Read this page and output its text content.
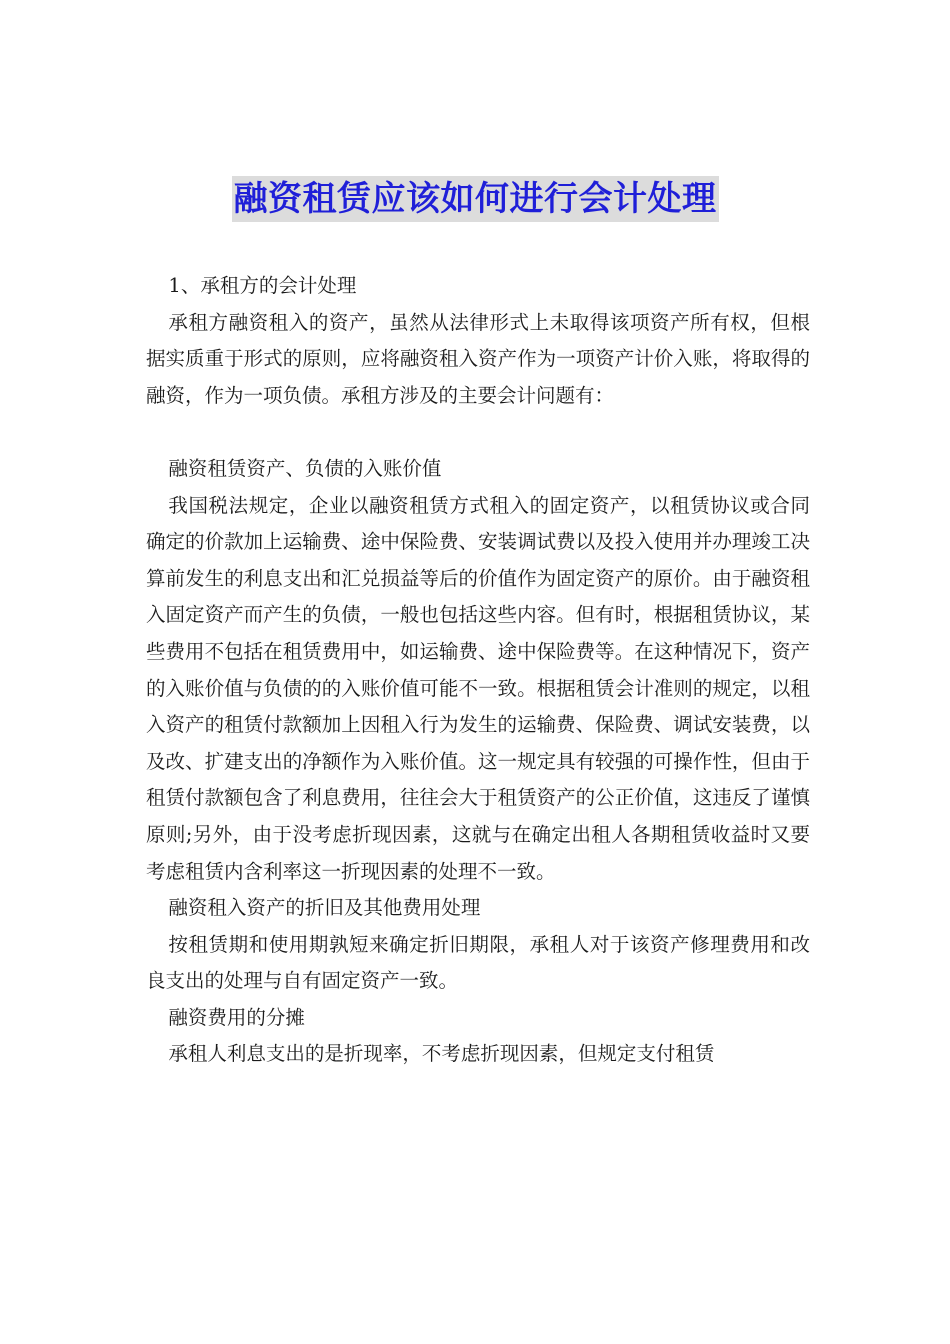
融资租赁应该如何进行会计处理

1、承租方的会计处理

承租方融资租入的资产，虽然从法律形式上未取得该项资产所有权，但根据实质重于形式的原则，应将融资租入资产作为一项资产计价入账，将取得的融资，作为一项负债。承租方涉及的主要会计问题有：

融资租赁资产、负债的入账价值

我国税法规定，企业以融资租赁方式租入的固定资产，以租赁协议或合同确定的价款加上运输费、途中保险费、安装调试费以及投入使用并办理竣工决算前发生的利息支出和汇兑损益等后的价值作为固定资产的原价。由于融资租入固定资产而产生的负债，一般也包括这些内容。但有时，根据租赁协议，某些费用不包括在租赁费用中，如运输费、途中保险费等。在这种情况下，资产的入账价值与负债的的入账价值可能不一致。根据租赁会计准则的规定，以租入资产的租赁付款额加上因租入行为发生的运输费、保险费、调试安装费，以及改、扩建支出的净额作为入账价值。这一规定具有较强的可操作性，但由于租赁付款额包含了利息费用，往往会大于租赁资产的公正价值，这违反了谨慎原则;另外，由于没考虑折现因素，这就与在确定出租人各期租赁收益时又要考虑租赁内含利率这一折现因素的处理不一致。

融资租入资产的折旧及其他费用处理

按租赁期和使用期孰短来确定折旧期限，承租人对于该资产修理费用和改良支出的处理与自有固定资产一致。

融资费用的分摊

承租人利息支出的是折现率，不考虑折现因素，但规定支付租赁
